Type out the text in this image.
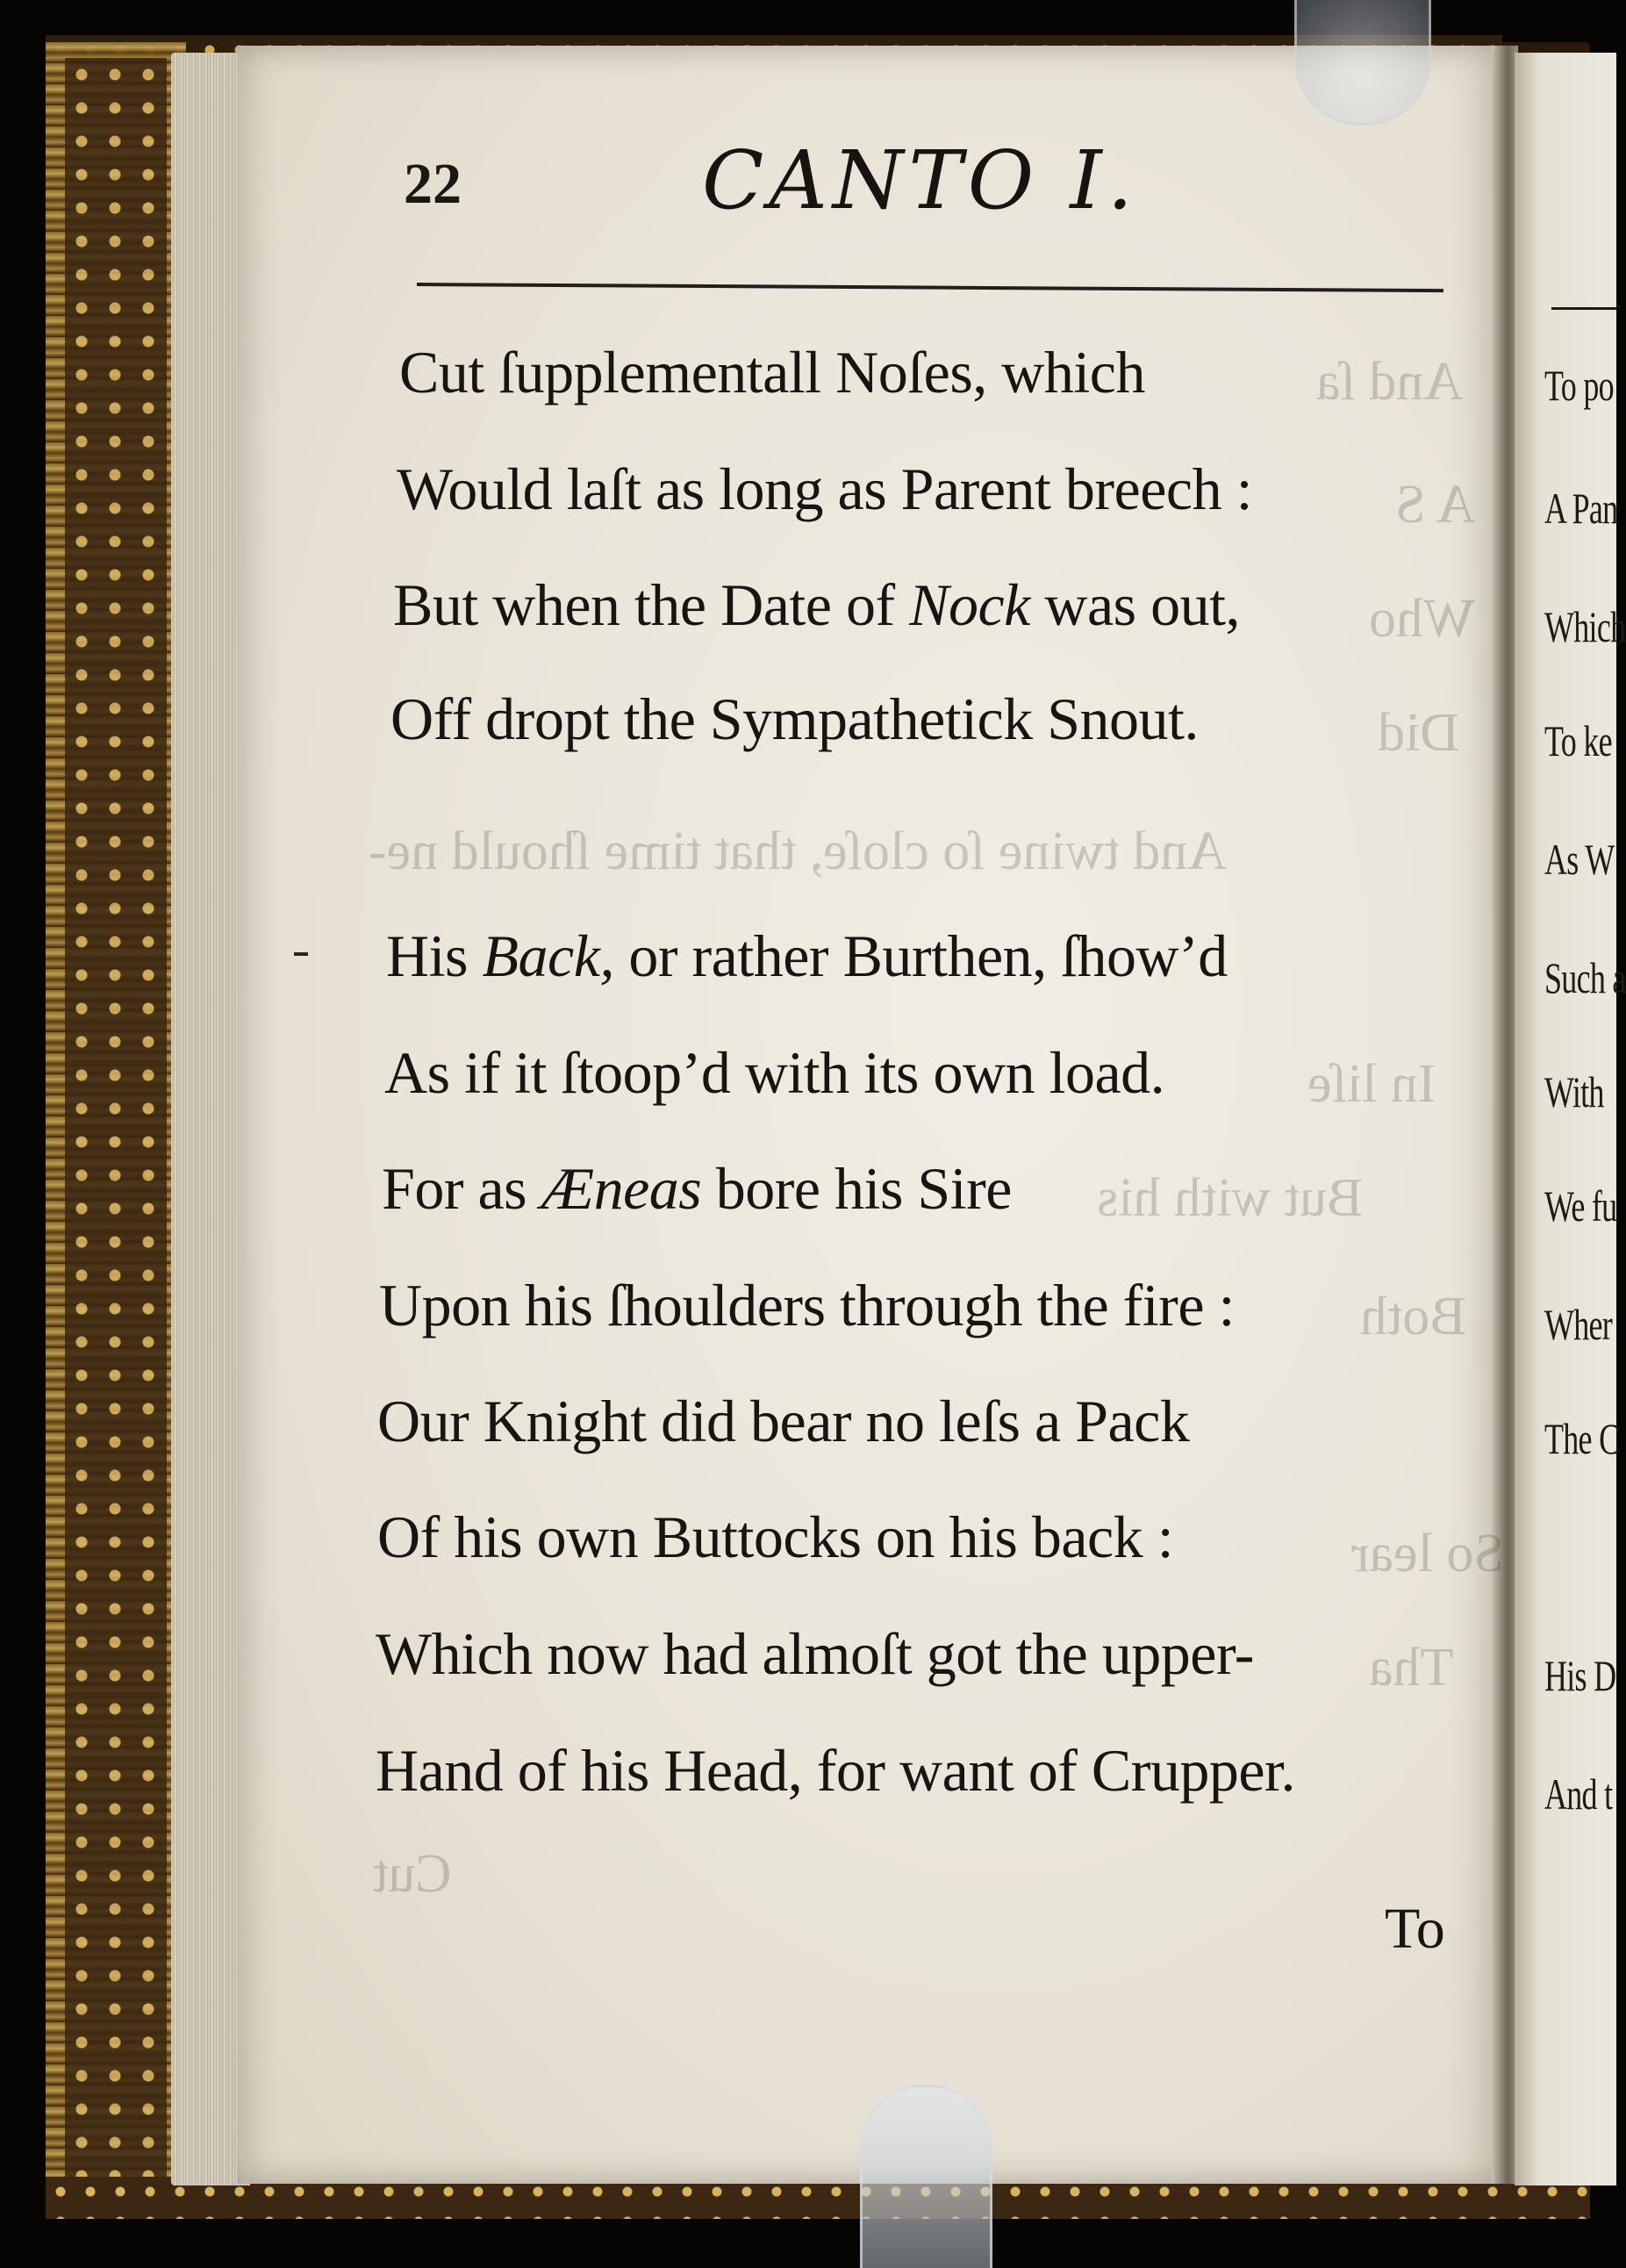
To po
A Pan
Which
To ke
As W
Such a
With
We fu
Wher
The C
His D
And t
And ſa
A S
Who
Did
And twine ſo cloſe, that time ſhould ne-
In liſe
But with his
Both
So lear
Tha
Cut
22	CANTO I.
Cut ſupplementall Noſes, which
Would laſt as long as Parent breech :
But when the Date of Nock was out,
Off dropt the Sympathetick Snout.
His Back, or rather Burthen, ſhow’d
As if it ſtoop’d with its own load.
For as Æneas bore his Sire
Upon his ſhoulders through the fire :
Our Knight did bear no leſs a Pack
Of his own Buttocks on his back :
Which now had almoſt got the upper-
Hand of his Head, for want of Crupper.
To
